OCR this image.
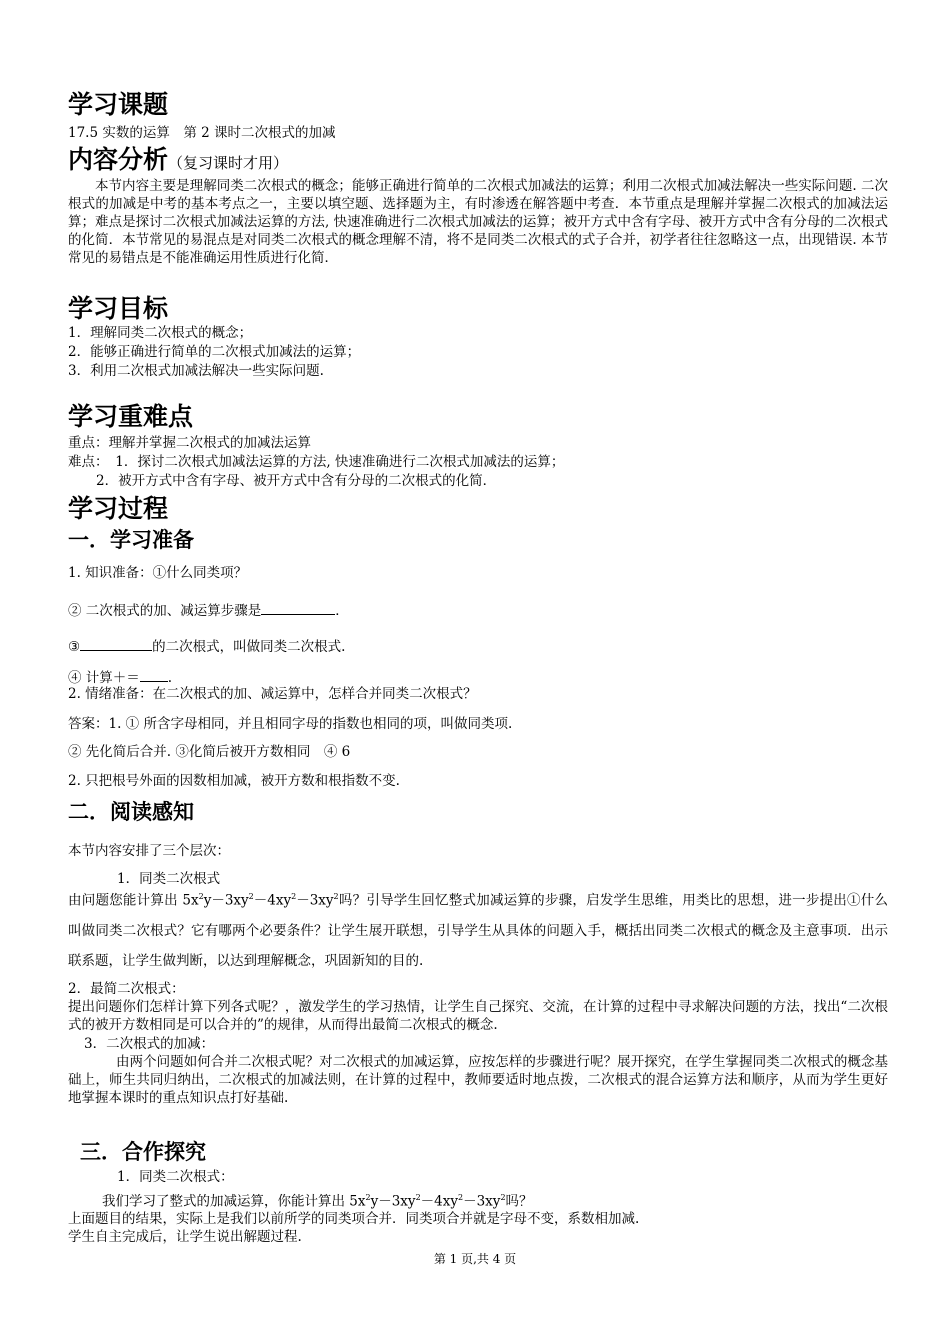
学习课题
17.5 实数的运算　第 2 课时二次根式的加减
内容分析（复习课时才用）
本节内容主要是理解同类二次根式的概念；能够正确进行简单的二次根式加减法的运算；利用二次根式加减法解决一些实际问题. 二次根式的加减是中考的基本考点之一，主要以填空题、选择题为主，有时渗透在解答题中考查．本节重点是理解并掌握二次根式的加减法运算；难点是探讨二次根式加减法运算的方法, 快速准确进行二次根式加减法的运算；被开方式中含有字母、被开方式中含有分母的二次根式的化简．本节常见的易混点是对同类二次根式的概念理解不清，将不是同类二次根式的式子合并，初学者往往忽略这一点，出现错误. 本节常见的易错点是不能准确运用性质进行化简．
学习目标
1．理解同类二次根式的概念；
2．能够正确进行简单的二次根式加减法的运算；
3．利用二次根式加减法解决一些实际问题.
学习重难点
重点：理解并掌握二次根式的加减法运算
难点：　1．探讨二次根式加减法运算的方法, 快速准确进行二次根式加减法的运算；
2．被开方式中含有字母、被开方式中含有分母的二次根式的化简．
学习过程
一．学习准备
1. 知识准备：①什么同类项？
② 二次根式的加、减运算步骤是	．
③	的二次根式，叫做同类二次根式.
④ 计算＋＝ .
2. 情绪准备：在二次根式的加、减运算中，怎样合并同类二次根式？
答案：1. ① 所含字母相同，并且相同字母的指数也相同的项，叫做同类项.
② 先化简后合并. ③化简后被开方数相同　④ 6
2. 只把根号外面的因数相加减，被开方数和根指数不变.
二．阅读感知
本节内容安排了三个层次：
1．同类二次根式
由问题您能计算出 $5x^2y-3xy^2-4xy^2-3xy^2$吗？引导学生回忆整式加减运算的步骤，启发学生思维，用类比的思想，进一步提出①什么叫做同类二次根式？它有哪两个必要条件？让学生展开联想，引导学生从具体的问题入手，概括出同类二次根式的概念及主意事项．出示联系题，让学生做判断，以达到理解概念，巩固新知的目的.
2．最简二次根式：
提出问题你们怎样计算下列各式呢？，激发学生的学习热情，让学生自己探究、交流，在计算的过程中寻求解决问题的方法，找出“二次根式的被开方数相同是可以合并的”的规律，从而得出最简二次根式的概念.
3．二次根式的加减：
由两个问题如何合并二次根式呢？对二次根式的加减运算，应按怎样的步骤进行呢？展开探究，在学生掌握同类二次根式的概念基础上，师生共同归纳出，二次根式的加减法则，在计算的过程中，教师要适时地点拨，二次根式的混合运算方法和顺序，从而为学生更好地掌握本课时的重点知识点打好基础.
三．合作探究
1．同类二次根式：
我们学习了整式的加减运算，你能计算出 $5x^2y-3xy^2-4xy^2-3xy^2$吗？
上面题目的结果，实际上是我们以前所学的同类项合并．同类项合并就是字母不变，系数相加减.
学生自主完成后，让学生说出解题过程.
第 1 页,共 4 页
